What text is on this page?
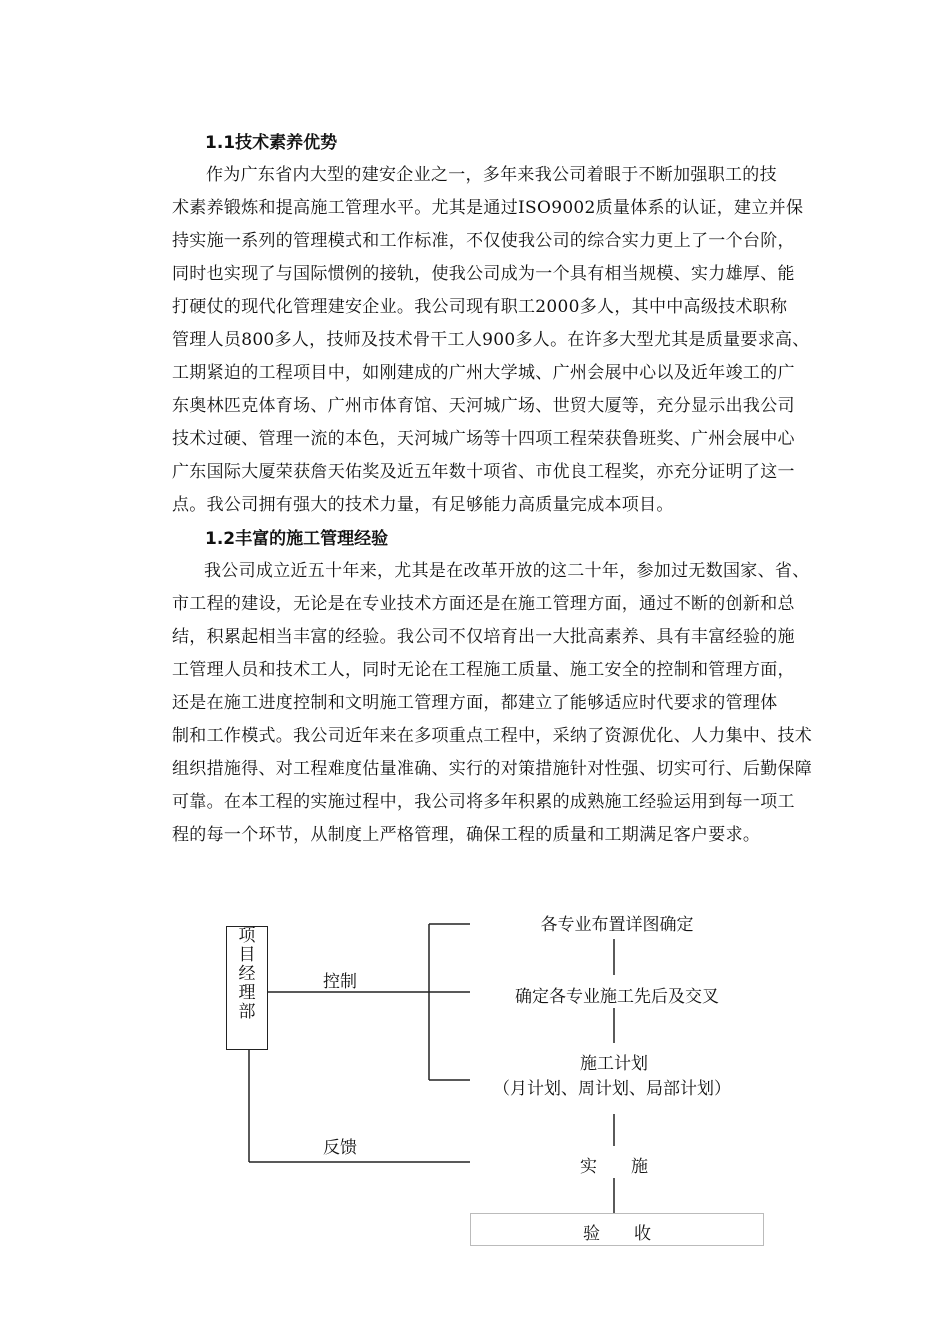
1.1技术素养优势
作为广东省内大型的建安企业之一，多年来我公司着眼于不断加强职工的技
术素养锻炼和提高施工管理水平。尤其是通过ISO9002质量体系的认证，建立并保
持实施一系列的管理模式和工作标准，不仅使我公司的综合实力更上了一个台阶，
同时也实现了与国际惯例的接轨，使我公司成为一个具有相当规模、实力雄厚、能
打硬仗的现代化管理建安企业。我公司现有职工2000多人，其中中高级技术职称
管理人员800多人，技师及技术骨干工人900多人。在许多大型尤其是质量要求高、
工期紧迫的工程项目中，如刚建成的广州大学城、广州会展中心以及近年竣工的广
东奥林匹克体育场、广州市体育馆、天河城广场、世贸大厦等，充分显示出我公司
技术过硬、管理一流的本色，天河城广场等十四项工程荣获鲁班奖、广州会展中心
广东国际大厦荣获詹天佑奖及近五年数十项省、市优良工程奖，亦充分证明了这一
点。我公司拥有强大的技术力量，有足够能力高质量完成本项目。
1.2丰富的施工管理经验
我公司成立近五十年来，尤其是在改革开放的这二十年，参加过无数国家、省、
市工程的建设，无论是在专业技术方面还是在施工管理方面，通过不断的创新和总
结，积累起相当丰富的经验。我公司不仅培育出一大批高素养、具有丰富经验的施
工管理人员和技术工人，同时无论在工程施工质量、施工安全的控制和管理方面，
还是在施工进度控制和文明施工管理方面，都建立了能够适应时代要求的管理体
制和工作模式。我公司近年来在多项重点工程中，采纳了资源优化、人力集中、技术
组织措施得、对工程难度估量准确、实行的对策措施针对性强、切实可行、后勤保障
可靠。在本工程的实施过程中，我公司将多年积累的成熟施工经验运用到每一项工
程的每一个环节，从制度上严格管理，确保工程的质量和工期满足客户要求。
项
目
经
理
部
控制
反馈
各专业布置详图确定
确定各专业施工先后及交叉
施工计划
（月计划、周计划、局部计划）
实　　施
验　　收
